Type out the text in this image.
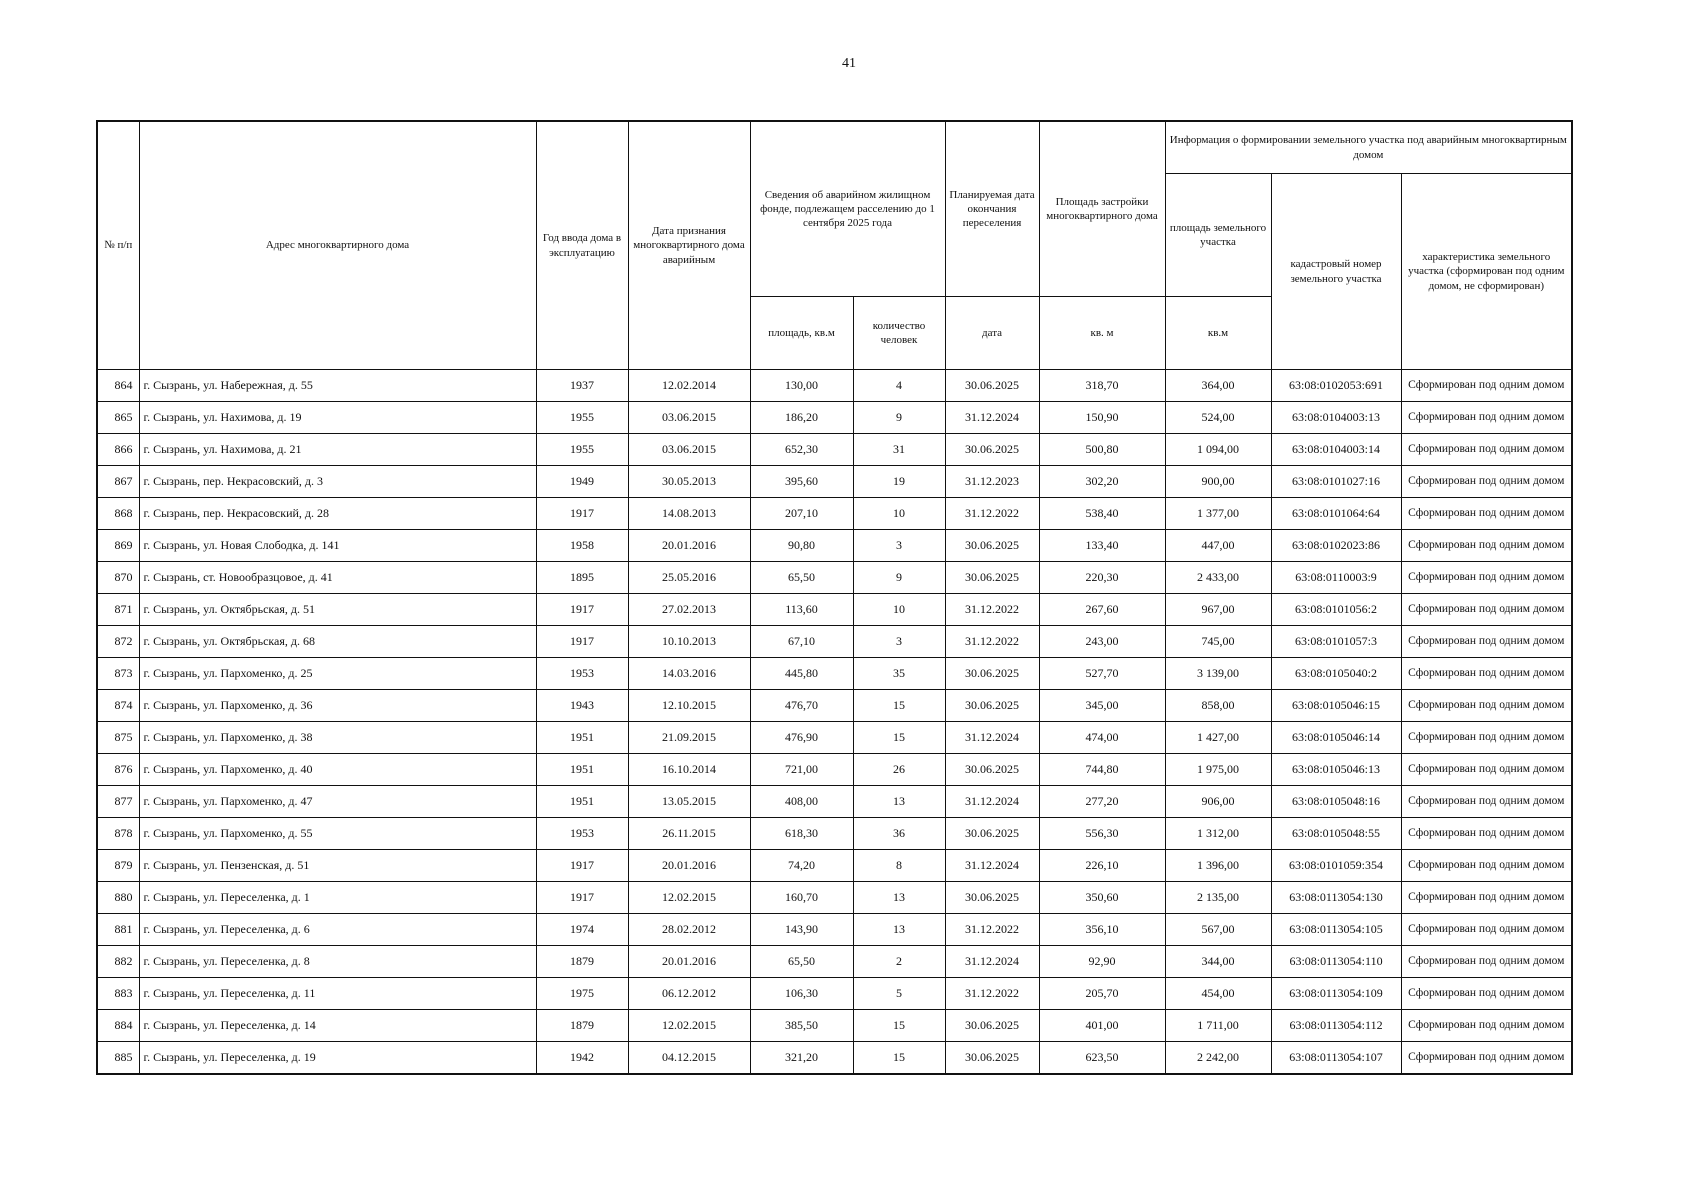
41
№ п/п	Адрес многоквартирного дома	Год ввода дома в эксплуатацию	Дата признания многоквартирного дома аварийным	Сведения об аварийном жилищном фонде, подлежащем расселению до 1 сентября 2025 года		Планируемая дата окончания переселения	Площадь застройки многоквартирного дома	Информация о формировании земельного участка под аварийным многоквартирным домом		
								площадь земельного участка	кадастровый номер земельного участка	характеристика земельного участка (сформирован под одним домом, не сформирован)
				площадь, кв.м	количество человек	дата	кв. м	кв.м		
864	г. Сызрань, ул. Набережная, д. 55	1937	12.02.2014	130,00	4	30.06.2025	318,70	364,00	63:08:0102053:691	Сформирован под одним домом
865	г. Сызрань, ул. Нахимова, д. 19	1955	03.06.2015	186,20	9	31.12.2024	150,90	524,00	63:08:0104003:13	Сформирован под одним домом
866	г. Сызрань, ул. Нахимова, д. 21	1955	03.06.2015	652,30	31	30.06.2025	500,80	1 094,00	63:08:0104003:14	Сформирован под одним домом
867	г. Сызрань, пер. Некрасовский, д. 3	1949	30.05.2013	395,60	19	31.12.2023	302,20	900,00	63:08:0101027:16	Сформирован под одним домом
868	г. Сызрань, пер. Некрасовский, д. 28	1917	14.08.2013	207,10	10	31.12.2022	538,40	1 377,00	63:08:0101064:64	Сформирован под одним домом
869	г. Сызрань, ул. Новая Слободка, д. 141	1958	20.01.2016	90,80	3	30.06.2025	133,40	447,00	63:08:0102023:86	Сформирован под одним домом
870	г. Сызрань, ст. Новообразцовое, д. 41	1895	25.05.2016	65,50	9	30.06.2025	220,30	2 433,00	63:08:0110003:9	Сформирован под одним домом
871	г. Сызрань, ул. Октябрьская, д. 51	1917	27.02.2013	113,60	10	31.12.2022	267,60	967,00	63:08:0101056:2	Сформирован под одним домом
872	г. Сызрань, ул. Октябрьская, д. 68	1917	10.10.2013	67,10	3	31.12.2022	243,00	745,00	63:08:0101057:3	Сформирован под одним домом
873	г. Сызрань, ул. Пархоменко, д. 25	1953	14.03.2016	445,80	35	30.06.2025	527,70	3 139,00	63:08:0105040:2	Сформирован под одним домом
874	г. Сызрань, ул. Пархоменко, д. 36	1943	12.10.2015	476,70	15	30.06.2025	345,00	858,00	63:08:0105046:15	Сформирован под одним домом
875	г. Сызрань, ул. Пархоменко, д. 38	1951	21.09.2015	476,90	15	31.12.2024	474,00	1 427,00	63:08:0105046:14	Сформирован под одним домом
876	г. Сызрань, ул. Пархоменко, д. 40	1951	16.10.2014	721,00	26	30.06.2025	744,80	1 975,00	63:08:0105046:13	Сформирован под одним домом
877	г. Сызрань, ул. Пархоменко, д. 47	1951	13.05.2015	408,00	13	31.12.2024	277,20	906,00	63:08:0105048:16	Сформирован под одним домом
878	г. Сызрань, ул. Пархоменко, д. 55	1953	26.11.2015	618,30	36	30.06.2025	556,30	1 312,00	63:08:0105048:55	Сформирован под одним домом
879	г. Сызрань, ул. Пензенская, д. 51	1917	20.01.2016	74,20	8	31.12.2024	226,10	1 396,00	63:08:0101059:354	Сформирован под одним домом
880	г. Сызрань, ул. Переселенка, д. 1	1917	12.02.2015	160,70	13	30.06.2025	350,60	2 135,00	63:08:0113054:130	Сформирован под одним домом
881	г. Сызрань, ул. Переселенка, д. 6	1974	28.02.2012	143,90	13	31.12.2022	356,10	567,00	63:08:0113054:105	Сформирован под одним домом
882	г. Сызрань, ул. Переселенка, д. 8	1879	20.01.2016	65,50	2	31.12.2024	92,90	344,00	63:08:0113054:110	Сформирован под одним домом
883	г. Сызрань, ул. Переселенка, д. 11	1975	06.12.2012	106,30	5	31.12.2022	205,70	454,00	63:08:0113054:109	Сформирован под одним домом
884	г. Сызрань, ул. Переселенка, д. 14	1879	12.02.2015	385,50	15	30.06.2025	401,00	1 711,00	63:08:0113054:112	Сформирован под одним домом
885	г. Сызрань, ул. Переселенка, д. 19	1942	04.12.2015	321,20	15	30.06.2025	623,50	2 242,00	63:08:0113054:107	Сформирован под одним домом
